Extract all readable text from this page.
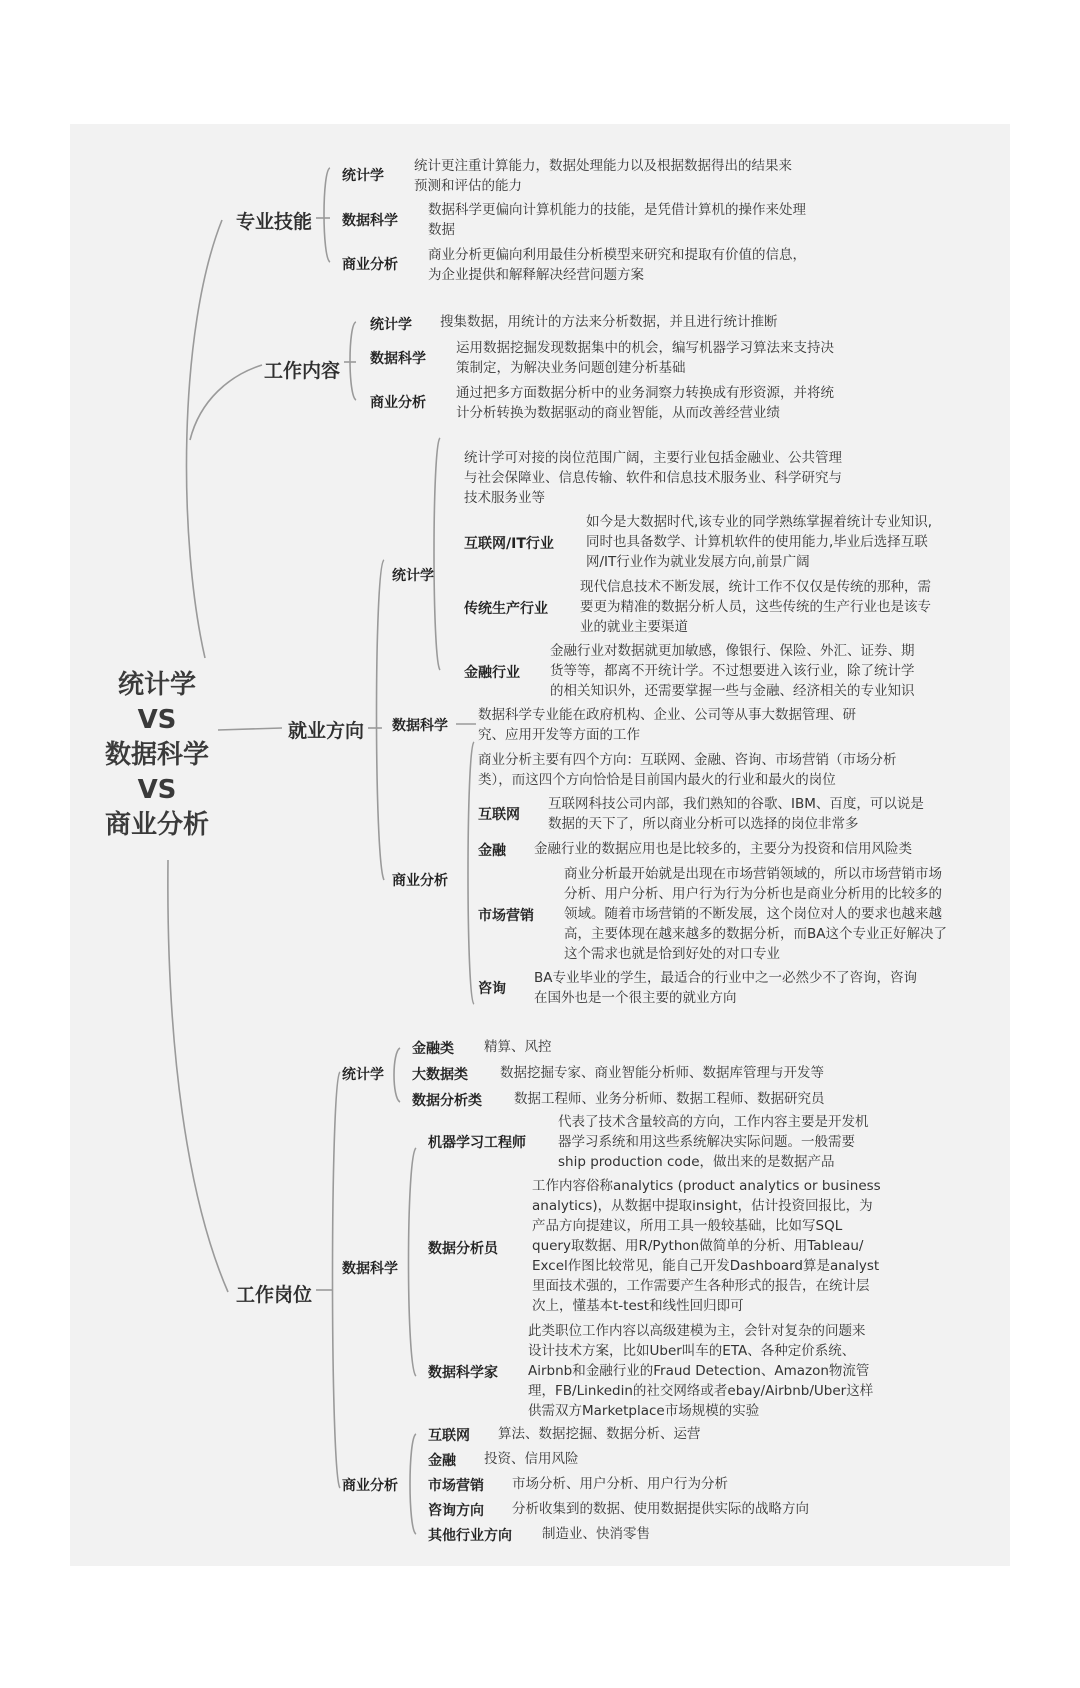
统计学
VS
数据科学
VS
商业分析
专业技能
统计学
统计更注重计算能力，数据处理能力以及根据数据得出的结果来
预测和评估的能力
数据科学
数据科学更偏向计算机能力的技能，是凭借计算机的操作来处理
数据
商业分析
商业分析更偏向利用最佳分析模型来研究和提取有价值的信息，
为企业提供和解释解决经营问题方案
工作内容
统计学 搜集数据，用统计的方法来分析数据，并且进行统计推断
数据科学
运用数据挖掘发现数据集中的机会，编写机器学习算法来支持决
策制定，为解决业务问题创建分析基础
商业分析
通过把多方面数据分析中的业务洞察力转换成有形资源，并将统
计分析转换为数据驱动的商业智能，从而改善经营业绩
就业方向
统计学
统计学可对接的岗位范围广阔，主要行业包括金融业、公共管理
与社会保障业、信息传输、软件和信息技术服务业、科学研究与
技术服务业等
互联网/IT行业
如今是大数据时代,该专业的同学熟练掌握着统计专业知识,
同时也具备数学、计算机软件的使用能力,毕业后选择互联
网/IT行业作为就业发展方向,前景广阔
传统生产行业
现代信息技术不断发展，统计工作不仅仅是传统的那种，需
要更为精准的数据分析人员，这些传统的生产行业也是该专
业的就业主要渠道
金融行业
金融行业对数据就更加敏感，像银行、保险、外汇、证券、期
货等等，都离不开统计学。不过想要进入该行业，除了统计学
的相关知识外，还需要掌握一些与金融、经济相关的专业知识
数据科学
数据科学专业能在政府机构、企业、公司等从事大数据管理、研
究、应用开发等方面的工作
商业分析
商业分析主要有四个方向：互联网、金融、咨询、市场营销（市场分析
类），而这四个方向恰恰是目前国内最火的行业和最火的岗位
互联网
互联网科技公司内部，我们熟知的谷歌、IBM、百度，可以说是
数据的天下了，所以商业分析可以选择的岗位非常多
金融 金融行业的数据应用也是比较多的，主要分为投资和信用风险类
市场营销
商业分析最开始就是出现在市场营销领域的，所以市场营销市场
分析、用户分析、用户行为行为分析也是商业分析用的比较多的
领域。随着市场营销的不断发展，这个岗位对人的要求也越来越
高，主要体现在越来越多的数据分析，而BA这个专业正好解决了
这个需求也就是恰到好处的对口专业
咨询
BA专业毕业的学生，最适合的行业中之一必然少不了咨询，咨询
在国外也是一个很主要的就业方向
工作岗位
统计学
金融类 精算、风控
大数据类 数据挖掘专家、商业智能分析师、数据库管理与开发等
数据分析类 数据工程师、业务分析师、数据工程师、数据研究员
数据科学
机器学习工程师
代表了技术含量较高的方向，工作内容主要是开发机
器学习系统和用这些系统解决实际问题。一般需要
ship production code，做出来的是数据产品
数据分析员
工作内容俗称analytics (product analytics or business
analytics)，从数据中提取insight，估计投资回报比，为
产品方向提建议，所用工具一般较基础，比如写SQL
query取数据、用R/Python做简单的分析、用Tableau/
Excel作图比较常见，能自己开发Dashboard算是analyst
里面技术强的，工作需要产生各种形式的报告，在统计层
次上，懂基本t-test和线性回归即可
数据科学家
此类职位工作内容以高级建模为主，会针对复杂的问题来
设计技术方案，比如Uber叫车的ETA、各种定价系统、
Airbnb和金融行业的Fraud Detection、Amazon物流管
理，FB/Linkedin的社交网络或者ebay/Airbnb/Uber这样
供需双方Marketplace市场规模的实验
商业分析
互联网 算法、数据挖掘、数据分析、运营
金融 投资、信用风险
市场营销 市场分析、用户分析、用户行为分析
咨询方向 分析收集到的数据、使用数据提供实际的战略方向
其他行业方向 制造业、快消零售
